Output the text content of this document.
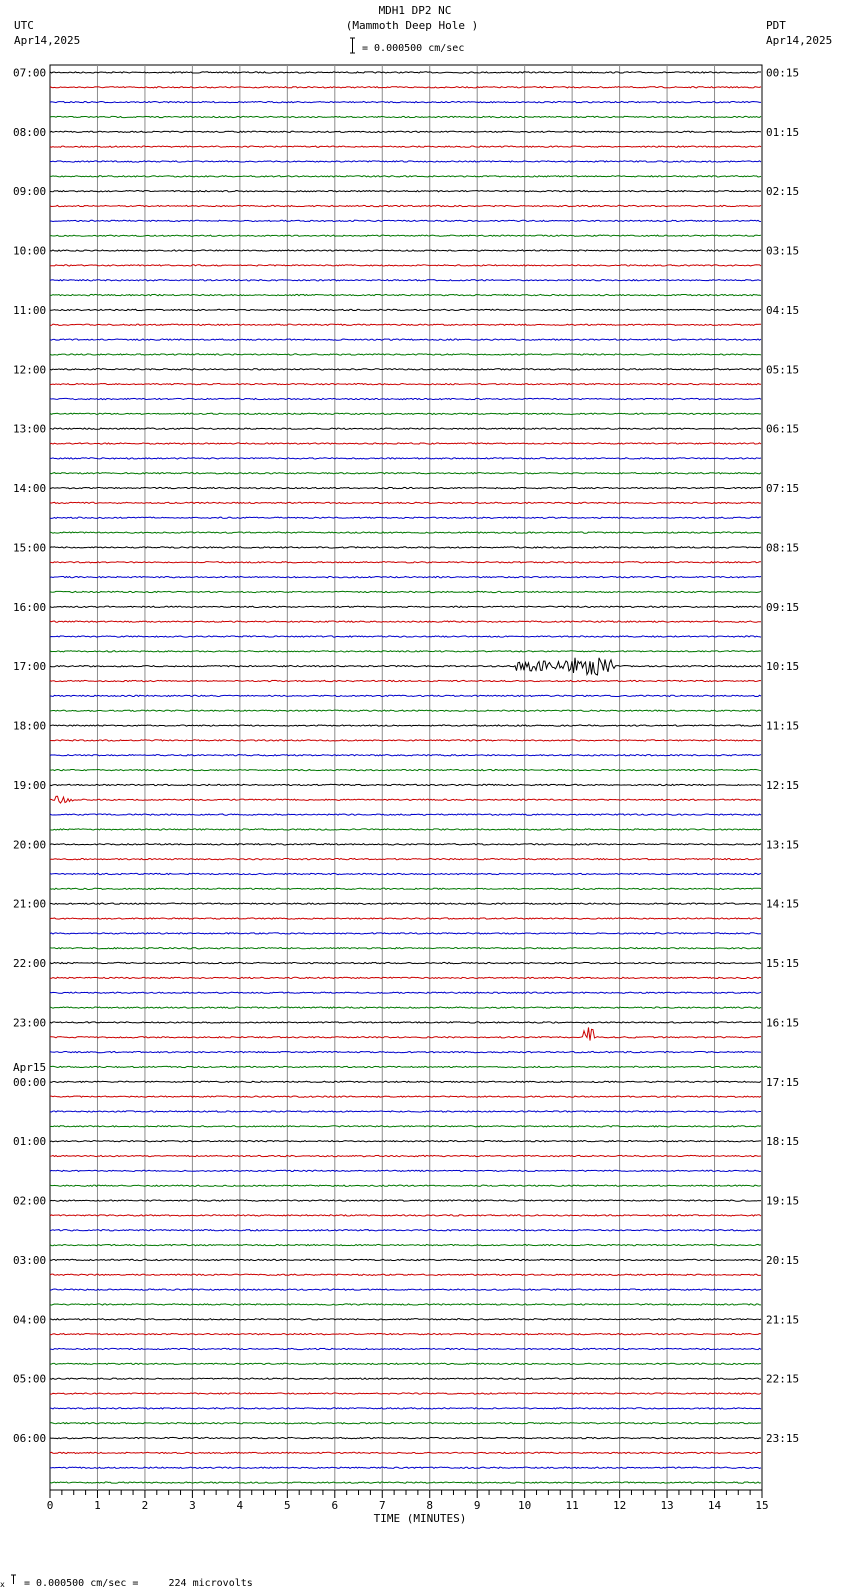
MDH1 DP2 NC
(Mammoth Deep Hole )
= 0.000500 cm/sec
UTC
Apr14,2025
PDT
Apr14,2025
07:00
08:00
09:00
10:00
11:00
12:00
13:00
14:00
15:00
16:00
17:00
18:00
19:00
20:00
21:00
22:00
23:00
00:00
01:00
02:00
03:00
04:00
05:00
06:00
00:15
01:15
02:15
03:15
04:15
05:15
06:15
07:15
08:15
09:15
10:15
11:15
12:15
13:15
14:15
15:15
16:15
17:15
18:15
19:15
20:15
21:15
22:15
23:15
Apr15
0	1	2	3	4	5	6	7	8	9	10	11	12	13	14	15
x = 0.000500 cm/sec =     224 microvolts
TIME (MINUTES)
